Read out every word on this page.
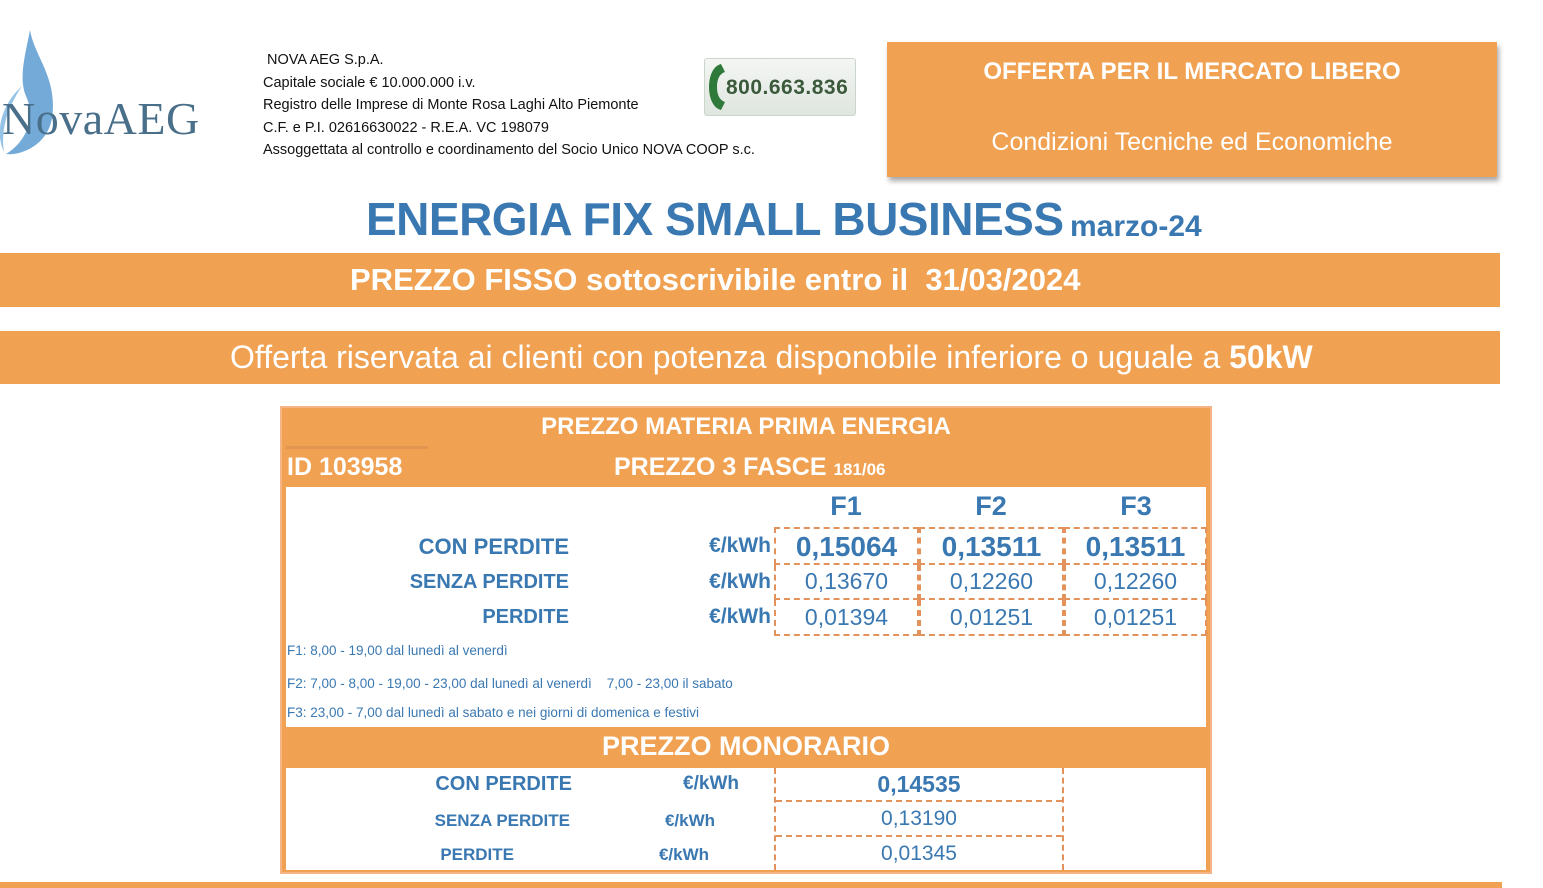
NovaAEG
NOVA AEG S.p.A.
Capitale sociale € 10.000.000 i.v.
Registro delle Imprese di Monte Rosa Laghi Alto Piemonte
C.F. e P.I. 02616630022 - R.E.A. VC 198079
Assoggettata al controllo e coordinamento del Socio Unico NOVA COOP s.c.
800.663.836
OFFERTA PER IL MERCATO LIBERO
Condizioni Tecniche ed Economiche
ENERGIA FIX SMALL BUSINESS marzo-24
PREZZO FISSO sottoscrivibile entro il 31/03/2024
Offerta riservata ai clienti con potenza disponobile inferiore o uguale a 50kW
PREZZO MATERIA PRIMA ENERGIA
ID 103958	PREZZO 3 FASCE 181/06
F1	F2	F3
CON PERDITE	€/kWh 0,15064	0,13511	0,13511
SENZA PERDITE	€/kWh	0,13670	0,12260	0,12260
PERDITE	€/kWh	0,01394	0,01251	0,01251
F1: 8,00 - 19,00 dal lunedì al venerdì
F2: 7,00 - 8,00 - 19,00 - 23,00 dal lunedì al venerdì    7,00 - 23,00 il sabato
F3: 23,00 - 7,00 dal lunedì al sabato e nei giorni di domenica e festivi
PREZZO MONORARIO
CON PERDITE	€/kWh	0,14535
SENZA PERDITE	€/kWh	0,13190
PERDITE	€/kWh	0,01345
